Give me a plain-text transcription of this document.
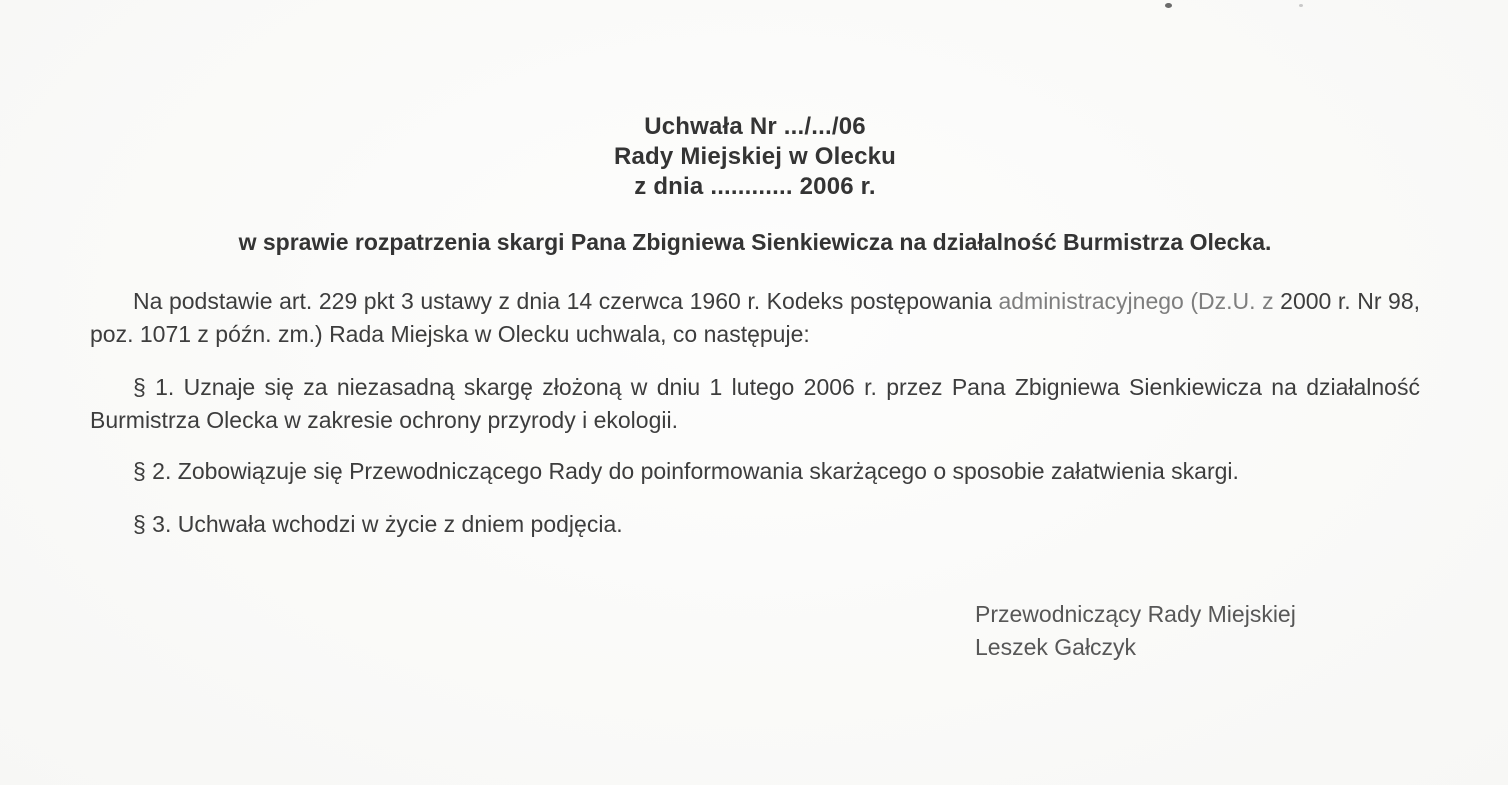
Uchwała Nr .../.../06
Rady Miejskiej w Olecku
z dnia ............ 2006 r.
w sprawie rozpatrzenia skargi Pana Zbigniewa Sienkiewicza na działalność Burmistrza Olecka.

Na podstawie art. 229 pkt 3 ustawy z dnia 14 czerwca 1960 r. Kodeks postępowania administracyjnego (Dz.U. z 2000 r. Nr 98, poz. 1071 z późn. zm.) Rada Miejska w Olecku uchwala, co następuje:

§ 1. Uznaje się za niezasadną skargę złożoną w dniu 1 lutego 2006 r. przez Pana Zbigniewa Sienkiewicza na działalność Burmistrza Olecka w zakresie ochrony przyrody i ekologii.

§ 2. Zobowiązuje się Przewodniczącego Rady do poinformowania skarżącego o sposobie załatwienia skargi.

§ 3. Uchwała wchodzi w życie z dniem podjęcia.

Przewodniczący Rady Miejskiej
Leszek Gałczyk
